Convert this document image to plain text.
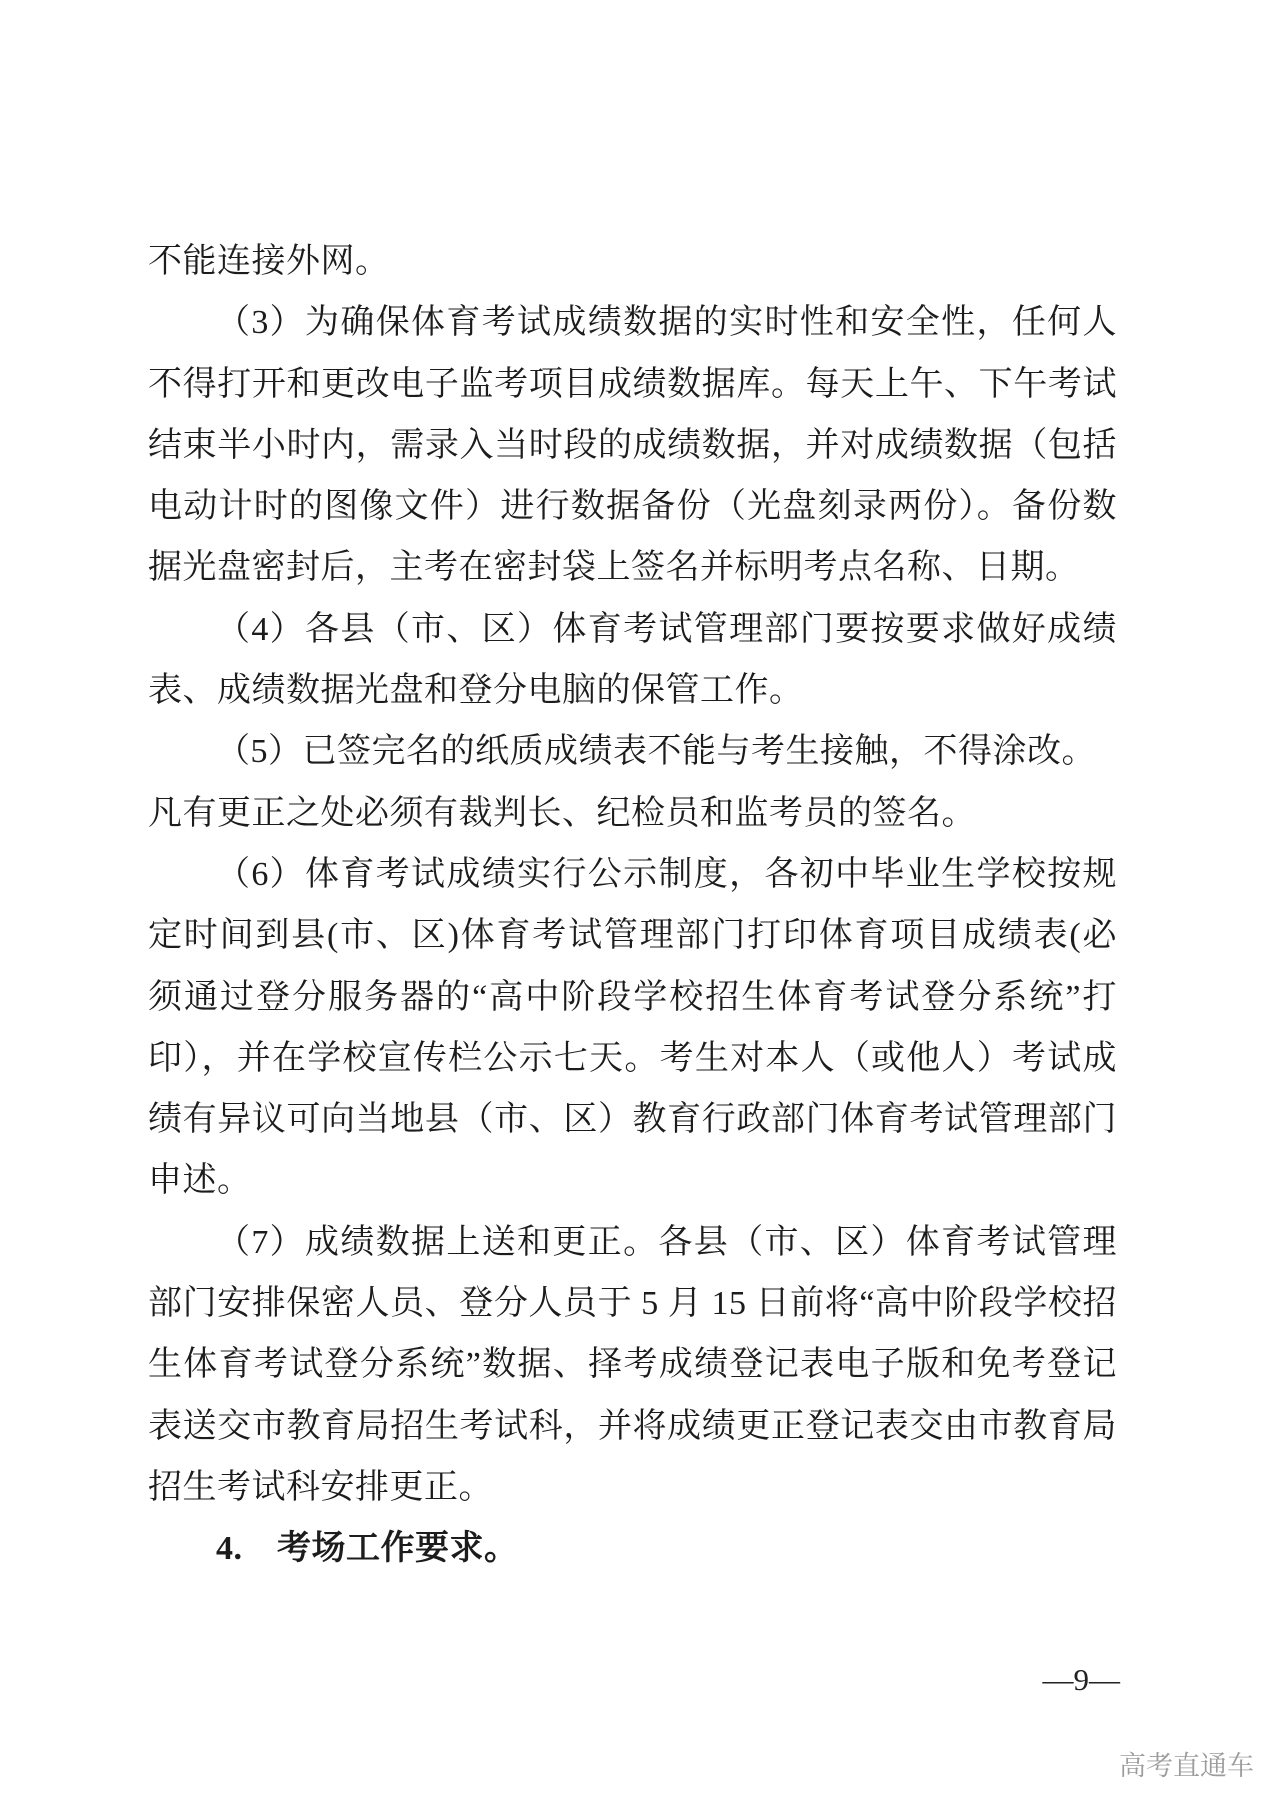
不能连接外网。
（3）为确保体育考试成绩数据的实时性和安全性，任何人
不得打开和更改电子监考项目成绩数据库。每天上午、下午考试
结束半小时内，需录入当时段的成绩数据，并对成绩数据（包括
电动计时的图像文件）进行数据备份（光盘刻录两份）。备份数
据光盘密封后，主考在密封袋上签名并标明考点名称、日期。
（4）各县（市、区）体育考试管理部门要按要求做好成绩
表、成绩数据光盘和登分电脑的保管工作。
（5）已签完名的纸质成绩表不能与考生接触，不得涂改。
凡有更正之处必须有裁判长、纪检员和监考员的签名。
（6）体育考试成绩实行公示制度，各初中毕业生学校按规
定时间到县(市、区)体育考试管理部门打印体育项目成绩表(必
须通过登分服务器的“高中阶段学校招生体育考试登分系统”打
印），并在学校宣传栏公示七天。考生对本人（或他人）考试成
绩有异议可向当地县（市、区）教育行政部门体育考试管理部门
申述。
（7）成绩数据上送和更正。各县（市、区）体育考试管理
部门安排保密人员、登分人员于 5 月 15 日前将“高中阶段学校招
生体育考试登分系统”数据、择考成绩登记表电子版和免考登记
表送交市教育局招生考试科，并将成绩更正登记表交由市教育局
招生考试科安排更正。
4.　考场工作要求。
—9—
高考直通车
